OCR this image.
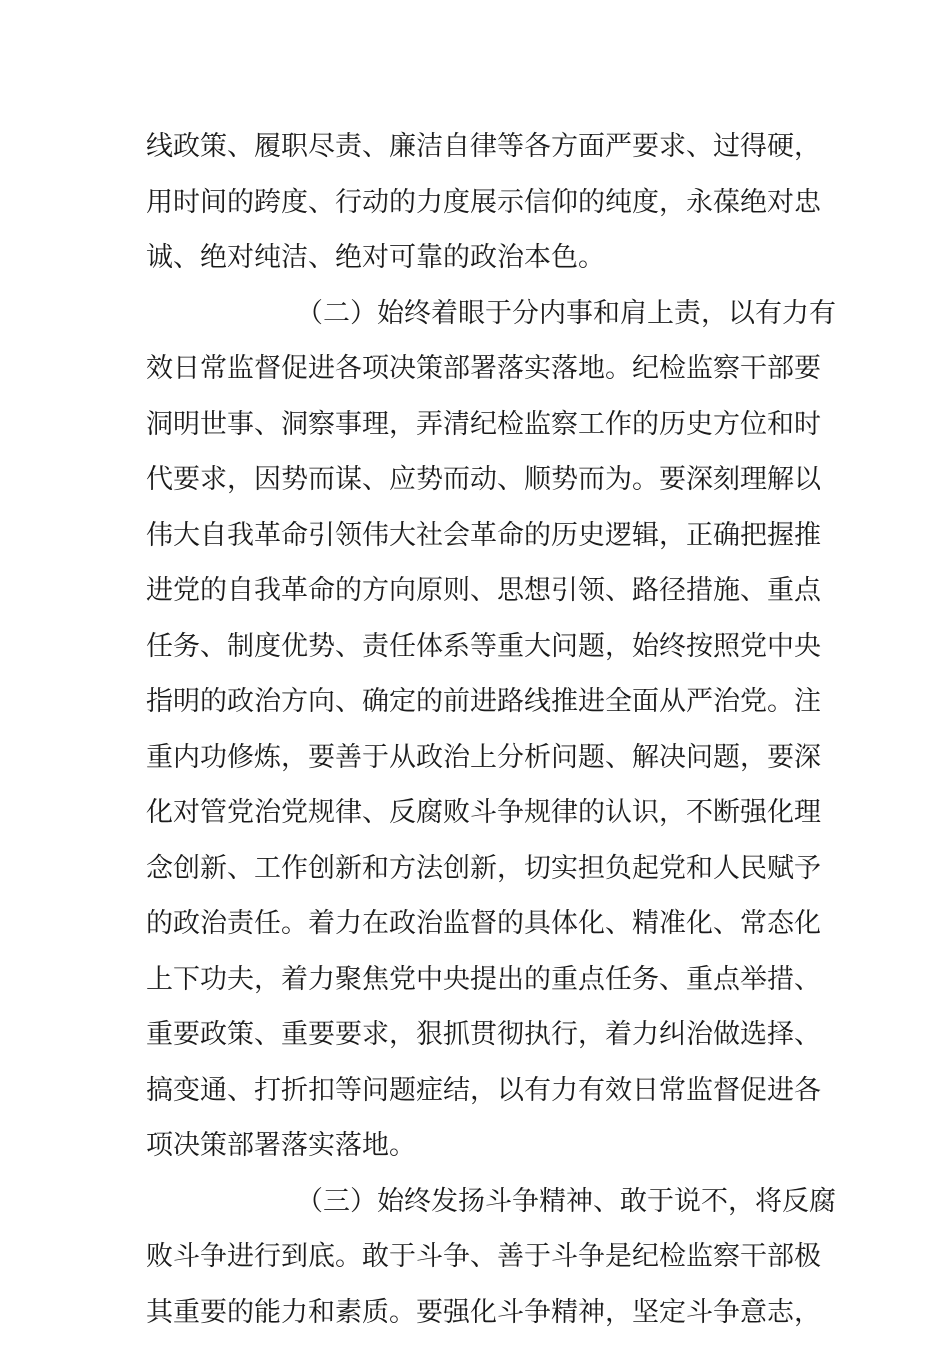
线政策、履职尽责、廉洁自律等各方面严要求、过得硬，
用时间的跨度、行动的力度展示信仰的纯度，永葆绝对忠
诚、绝对纯洁、绝对可靠的政治本色。
（二）始终着眼于分内事和肩上责，以有力有
效日常监督促进各项决策部署落实落地。纪检监察干部要
洞明世事、洞察事理，弄清纪检监察工作的历史方位和时
代要求，因势而谋、应势而动、顺势而为。要深刻理解以
伟大自我革命引领伟大社会革命的历史逻辑，正确把握推
进党的自我革命的方向原则、思想引领、路径措施、重点
任务、制度优势、责任体系等重大问题，始终按照党中央
指明的政治方向、确定的前进路线推进全面从严治党。注
重内功修炼，要善于从政治上分析问题、解决问题，要深
化对管党治党规律、反腐败斗争规律的认识，不断强化理
念创新、工作创新和方法创新，切实担负起党和人民赋予
的政治责任。着力在政治监督的具体化、精准化、常态化
上下功夫，着力聚焦党中央提出的重点任务、重点举措、
重要政策、重要要求，狠抓贯彻执行，着力纠治做选择、
搞变通、打折扣等问题症结，以有力有效日常监督促进各
项决策部署落实落地。
（三）始终发扬斗争精神、敢于说不，将反腐
败斗争进行到底。敢于斗争、善于斗争是纪检监察干部极
其重要的能力和素质。要强化斗争精神，坚定斗争意志，
